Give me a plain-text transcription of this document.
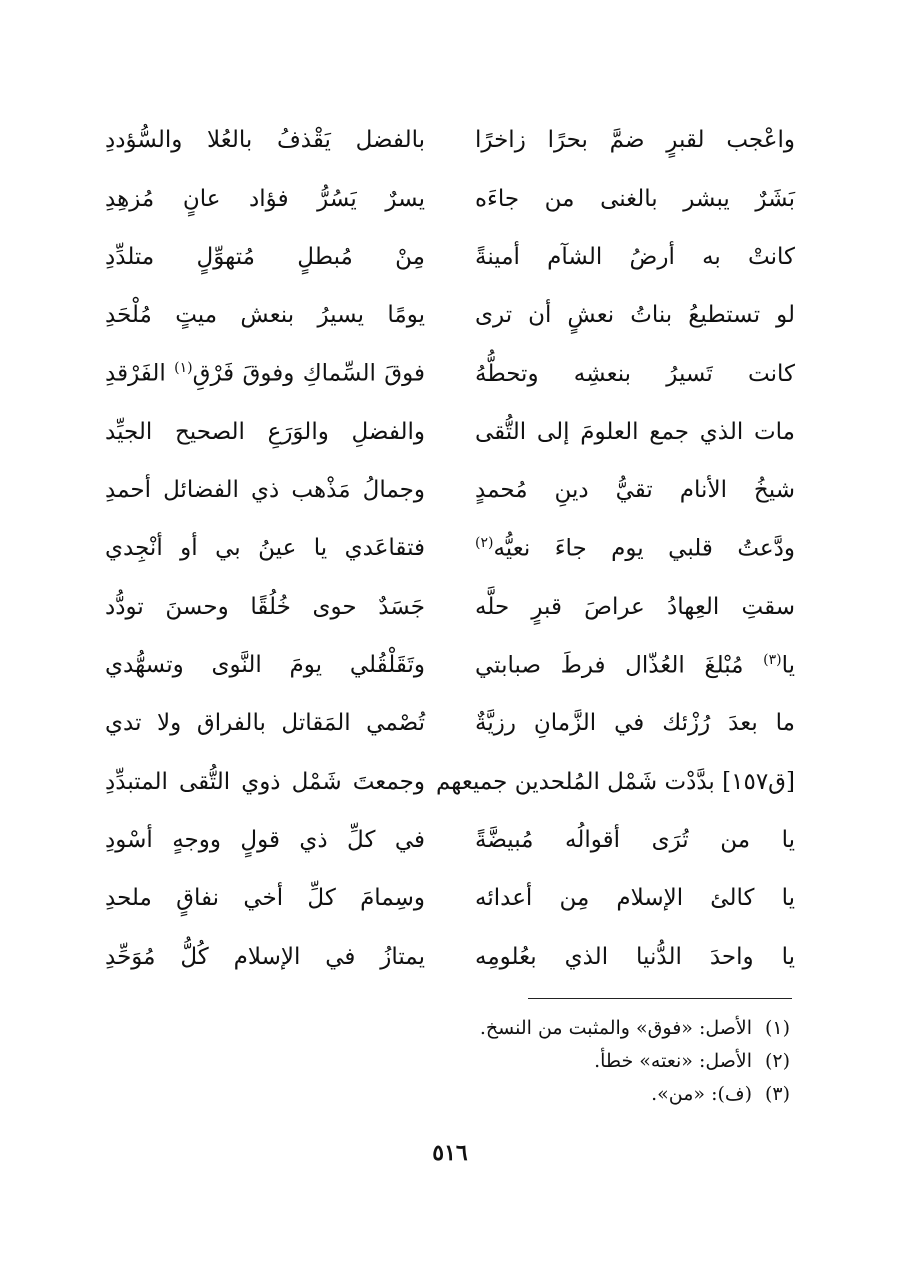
واعْجب لقبرٍ ضمَّ بحرًا زاخرًا
بالفضل يَقْذفُ بالعُلا والسُّؤددِ
بَشَرٌ يبشر بالغنى من جاءَه
يسرٌ يَسُرُّ فؤاد عانٍ مُزهِدِ
كانتْ به أرضُ الشآم أمينةً
مِنْ مُبطلٍ مُتهوِّلٍ متلدِّدِ
لو تستطيعُ بناتُ نعشٍ أن ترى
يومًا يسيرُ بنعش ميتٍ مُلْحَدِ
كانت تَسيرُ بنعشِه وتحطُّهُ
فوقَ السِّماكِ وفوقَ فَرْقِ$^{(١)}$ الفَرْقدِ
مات الذي جمع العلومَ إلى التُّقى
والفضلِ والوَرَعِ الصحيح الجيِّد
شيخُ الأنام تقيُّ دينِ مُحمدٍ
وجمالُ مَذْهب ذي الفضائل أحمدِ
ودَّعتُ قلبي يوم جاءَ نعيُّه$^{(٢)}$
فتقاعَدي يا عينُ بي أو أنْجِدي
سقتِ العِهادُ عراصَ قبرٍ حلَّه
جَسَدٌ حوى خُلُقًا وحسنَ تودُّد
يا$^{(٣)}$ مُبْلغَ العُذّال فرطَ صبابتي
وتَقَلْقُلي يومَ النَّوى وتسهُّدي
ما بعدَ رُزْئك في الزَّمانِ رزيَّةٌ
تُصْمي المَقاتل بالفراق ولا تدي
[ق١٥٧] بدَّدْت شَمْل المُلحدين جميعهم
وجمعتَ شَمْل ذوي التُّقى المتبدِّدِ
يا من تُرَى أقوالُه مُبيضَّةً
في كلِّ ذي قولٍ ووجهٍ أسْودِ
يا كالئ الإسلام مِن أعدائه
وسِمامَ كلِّ أخي نفاقٍ ملحدِ
يا واحدَ الدُّنيا الذي بعُلومِه
يمتازُ في الإسلام كُلُّ مُوَحِّدِ
(١)الأصل: «فوق» والمثبت من النسخ.
(٢)الأصل: «نعته» خطأ.
(٣)(ف): «من».
٥١٦
